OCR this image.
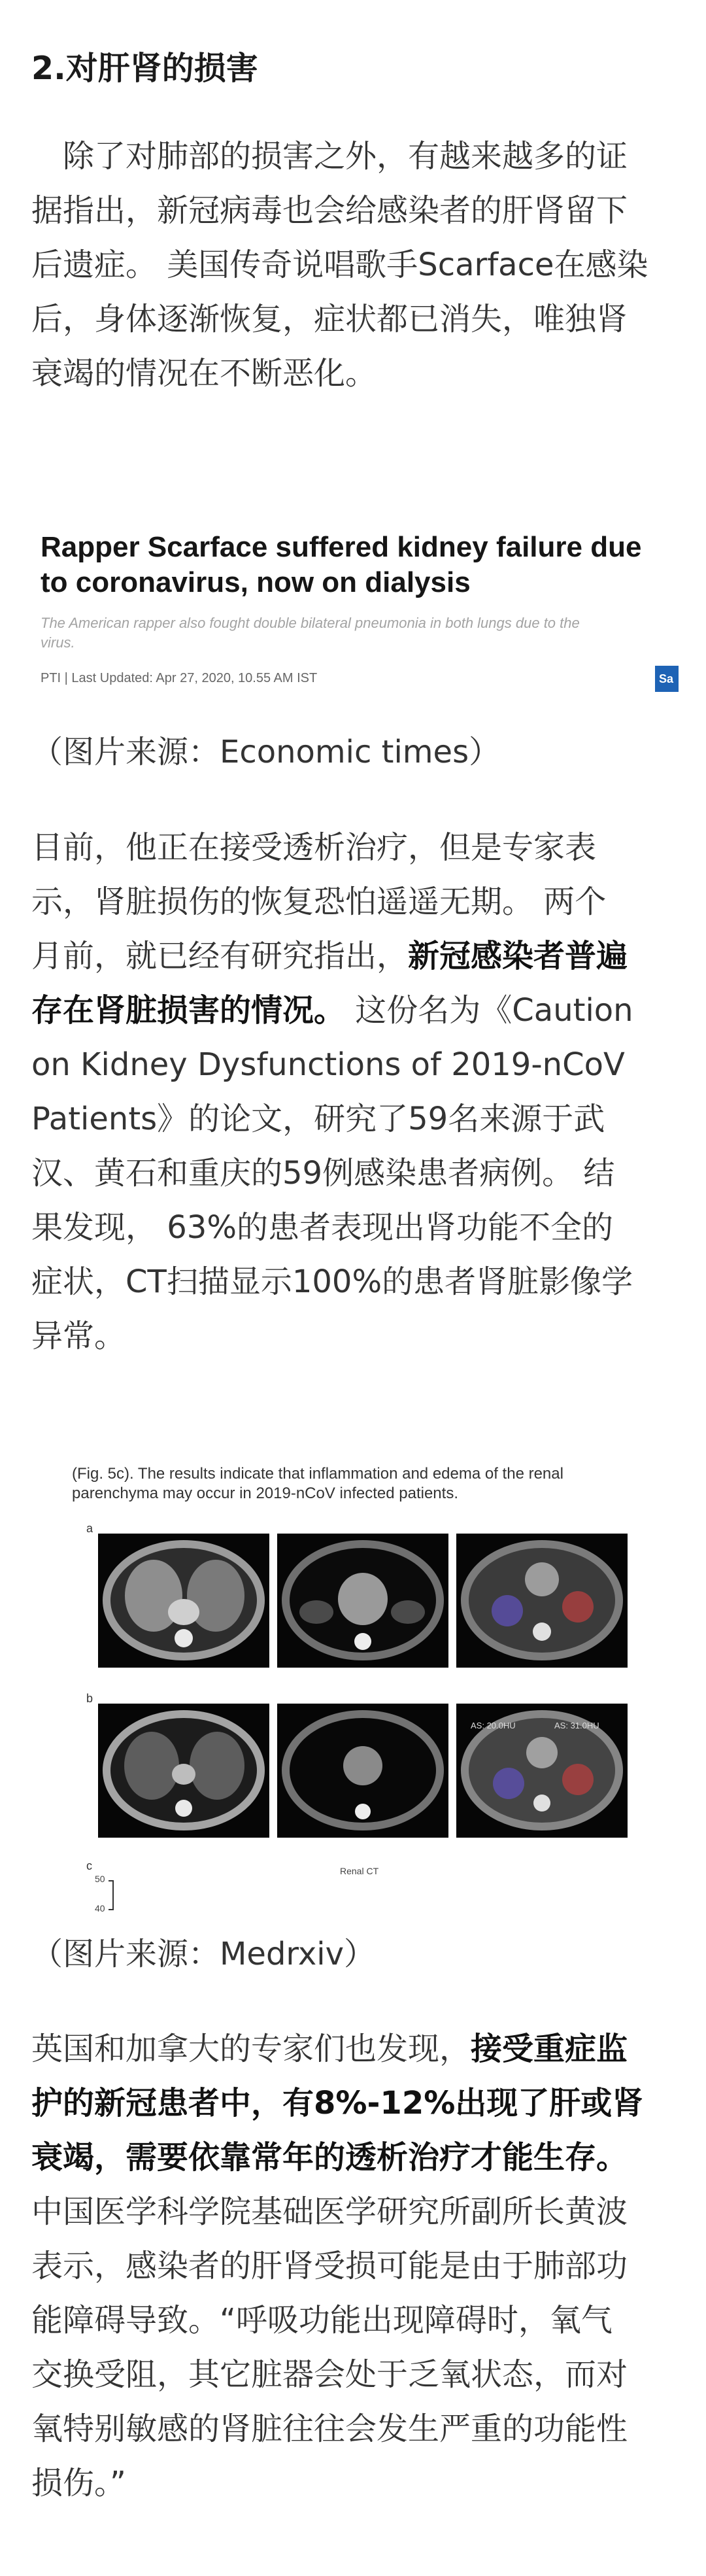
2.对肝肾的损害
　除了对肺部的损害之外，有越来越多的证
据指出，新冠病毒也会给感染者的肝肾留下
后遗症。 美国传奇说唱歌手Scarface在感染
后，身体逐渐恢复，症状都已消失，唯独肾
衰竭的情况在不断恶化。
Rapper Scarface suffered kidney failure due
to coronavirus, now on dialysis
The American rapper also fought double bilateral pneumonia in both lungs due to the
virus.
PTI | Last Updated: Apr 27, 2020, 10.55 AM IST	Sa
（图片来源：Economic times）
目前，他正在接受透析治疗，但是专家表
示，肾脏损伤的恢复恐怕遥遥无期。 两个
月前，就已经有研究指出，新冠感染者普遍
存在肾脏损害的情况。 这份名为《Caution
on Kidney Dysfunctions of 2019-nCoV
Patients》的论文，研究了59名来源于武
汉、黄石和重庆的59例感染患者病例。 结
果发现， 63%的患者表现出肾功能不全的
症状，CT扫描显示100%的患者肾脏影像学
异常。
(Fig. 5c). The results indicate that inflammation and edema of the renal
parenchyma may occur in 2019-nCoV infected patients.
a
b
c
AS: 20.0HU	AS: 31.0HU
50
40
Renal CT
（图片来源：Medrxiv）
英国和加拿大的专家们也发现，接受重症监
护的新冠患者中，有8%-12%出现了肝或肾
衰竭，需要依靠常年的透析治疗才能生存。
中国医学科学院基础医学研究所副所长黄波
表示，感染者的肝肾受损可能是由于肺部功
能障碍导致。“呼吸功能出现障碍时，氧气
交换受阻，其它脏器会处于乏氧状态，而对
氧特别敏感的肾脏往往会发生严重的功能性
损伤。”
